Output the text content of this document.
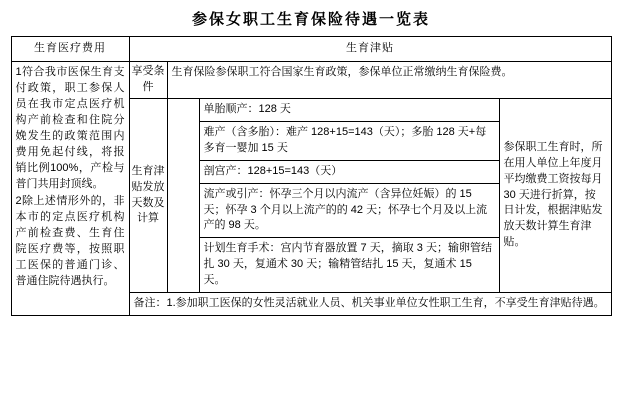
参保女职工生育保险待遇一览表
生育医疗费用	生育津贴			

1符合我市医保生育支付政策，职工参保人员在我市定点医疗机构产前检查和住院分娩发生的政策范围内费用免起付线，将报销比例100%，产检与普门共用封顶线。

2除上述情形外的，非本市的定点医疗机构产前检查费、生育住院医疗费等，按照职工医保的普通门诊、普通住院待遇执行。	享受条件	生育保险参保职工符合国家生育政策，参保单位正常缴纳生育保险费。		
	生育津贴发放天数及计算		单胎顺产：128 天	参保职工生育时，所在用人单位上年度月平均缴费工资按每月 30 天进行折算，按日计发，根据津贴发放天数计算生育津贴。
			难产（含多胎）：难产 128+15=143（天）；多胎 128 天+每多育一婴加 15 天	
			剖宫产：128+15=143（天）	
			流产或引产：怀孕三个月以内流产（含异位妊娠）的 15 天；怀孕 3 个月以上流产的的 42 天；怀孕七个月及以上流产的 98 天。	
			计划生育手术：宫内节育器放置 7 天，摘取 3 天；输卵管结扎 30 天，复通术 30 天；输精管结扎 15 天，复通术 15 天。	
	备注：1.参加职工医保的女性灵活就业人员、机关事业单位女性职工生育，不享受生育津贴待遇。			
